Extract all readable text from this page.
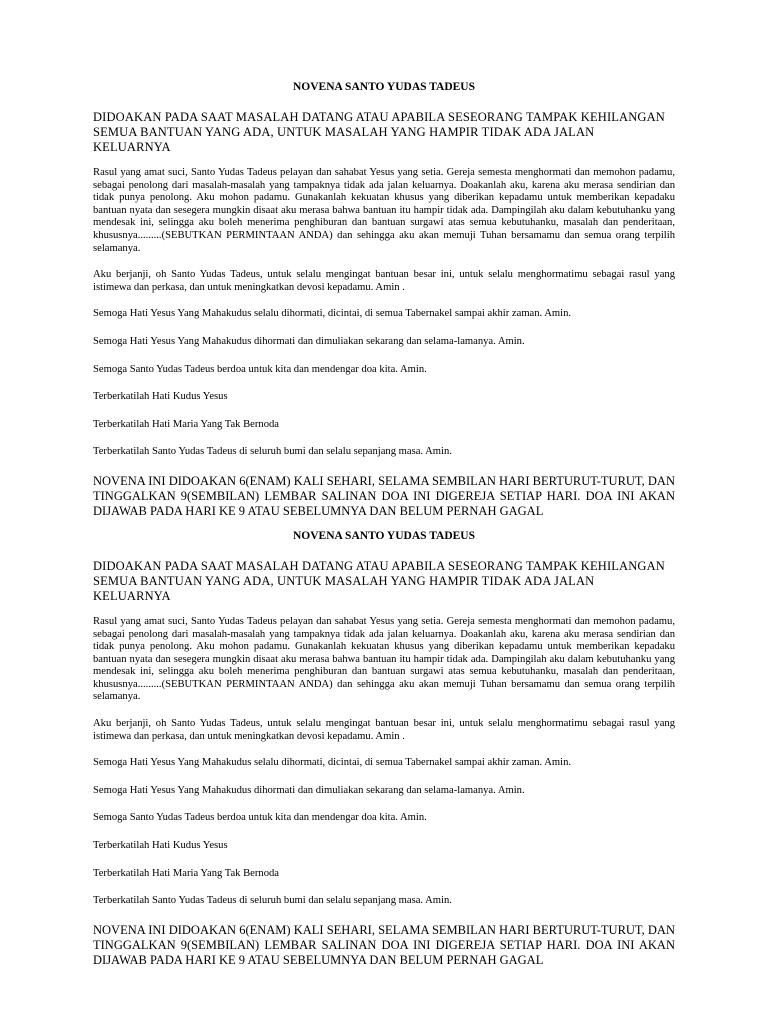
NOVENA SANTO YUDAS TADEUS
DIDOAKAN PADA SAAT MASALAH DATANG ATAU APABILA SESEORANG TAMPAK KEHILANGAN SEMUA BANTUAN YANG ADA, UNTUK MASALAH YANG HAMPIR TIDAK ADA JALAN KELUARNYA
Rasul yang amat suci, Santo Yudas Tadeus pelayan dan sahabat Yesus yang setia. Gereja semesta menghormati dan memohon padamu, sebagai penolong dari masalah-masalah yang tampaknya tidak ada jalan keluarnya. Doakanlah aku, karena aku merasa sendirian dan tidak punya penolong. Aku mohon padamu. Gunakanlah kekuatan khusus yang diberikan kepadamu untuk memberikan kepadaku bantuan nyata dan sesegera mungkin disaat aku merasa bahwa bantuan itu hampir tidak ada. Dampingilah aku dalam kebutuhanku yang mendesak ini, selingga aku boleh menerima penghiburan dan bantuan surgawi atas semua kebutuhanku, masalah dan penderitaan, khususnya.........(SEBUTKAN PERMINTAAN ANDA) dan sehingga aku akan memuji Tuhan bersamamu dan semua orang terpilih selamanya.
Aku berjanji, oh Santo Yudas Tadeus, untuk selalu mengingat bantuan besar ini, untuk selalu menghormatimu sebagai rasul yang istimewa dan perkasa, dan untuk meningkatkan devosi kepadamu. Amin .
Semoga Hati Yesus Yang Mahakudus selalu dihormati, dicintai, di semua Tabernakel sampai akhir zaman. Amin.
Semoga Hati Yesus Yang Mahakudus dihormati dan dimuliakan sekarang dan selama-lamanya. Amin.
Semoga Santo Yudas Tadeus berdoa untuk kita dan mendengar doa kita. Amin.
Terberkatilah Hati Kudus Yesus
Terberkatilah Hati Maria Yang Tak Bernoda
Terberkatilah Santo Yudas Tadeus di seluruh bumi dan selalu sepanjang masa. Amin.
NOVENA INI DIDOAKAN 6(ENAM) KALI SEHARI, SELAMA SEMBILAN HARI BERTURUT-TURUT, DAN TINGGALKAN 9(SEMBILAN) LEMBAR SALINAN DOA INI DIGEREJA SETIAP HARI. DOA INI AKAN DIJAWAB PADA HARI KE 9 ATAU SEBELUMNYA DAN BELUM PERNAH GAGAL
NOVENA SANTO YUDAS TADEUS
DIDOAKAN PADA SAAT MASALAH DATANG ATAU APABILA SESEORANG TAMPAK KEHILANGAN SEMUA BANTUAN YANG ADA, UNTUK MASALAH YANG HAMPIR TIDAK ADA JALAN KELUARNYA
Rasul yang amat suci, Santo Yudas Tadeus pelayan dan sahabat Yesus yang setia. Gereja semesta menghormati dan memohon padamu, sebagai penolong dari masalah-masalah yang tampaknya tidak ada jalan keluarnya. Doakanlah aku, karena aku merasa sendirian dan tidak punya penolong. Aku mohon padamu. Gunakanlah kekuatan khusus yang diberikan kepadamu untuk memberikan kepadaku bantuan nyata dan sesegera mungkin disaat aku merasa bahwa bantuan itu hampir tidak ada. Dampingilah aku dalam kebutuhanku yang mendesak ini, selingga aku boleh menerima penghiburan dan bantuan surgawi atas semua kebutuhanku, masalah dan penderitaan, khususnya.........(SEBUTKAN PERMINTAAN ANDA) dan sehingga aku akan memuji Tuhan bersamamu dan semua orang terpilih selamanya.
Aku berjanji, oh Santo Yudas Tadeus, untuk selalu mengingat bantuan besar ini, untuk selalu menghormatimu sebagai rasul yang istimewa dan perkasa, dan untuk meningkatkan devosi kepadamu. Amin .
Semoga Hati Yesus Yang Mahakudus selalu dihormati, dicintai, di semua Tabernakel sampai akhir zaman. Amin.
Semoga Hati Yesus Yang Mahakudus dihormati dan dimuliakan sekarang dan selama-lamanya. Amin.
Semoga Santo Yudas Tadeus berdoa untuk kita dan mendengar doa kita. Amin.
Terberkatilah Hati Kudus Yesus
Terberkatilah Hati Maria Yang Tak Bernoda
Terberkatilah Santo Yudas Tadeus di seluruh bumi dan selalu sepanjang masa. Amin.
NOVENA INI DIDOAKAN 6(ENAM) KALI SEHARI, SELAMA SEMBILAN HARI BERTURUT-TURUT, DAN TINGGALKAN 9(SEMBILAN) LEMBAR SALINAN DOA INI DIGEREJA SETIAP HARI. DOA INI AKAN DIJAWAB PADA HARI KE 9 ATAU SEBELUMNYA DAN BELUM PERNAH GAGAL
